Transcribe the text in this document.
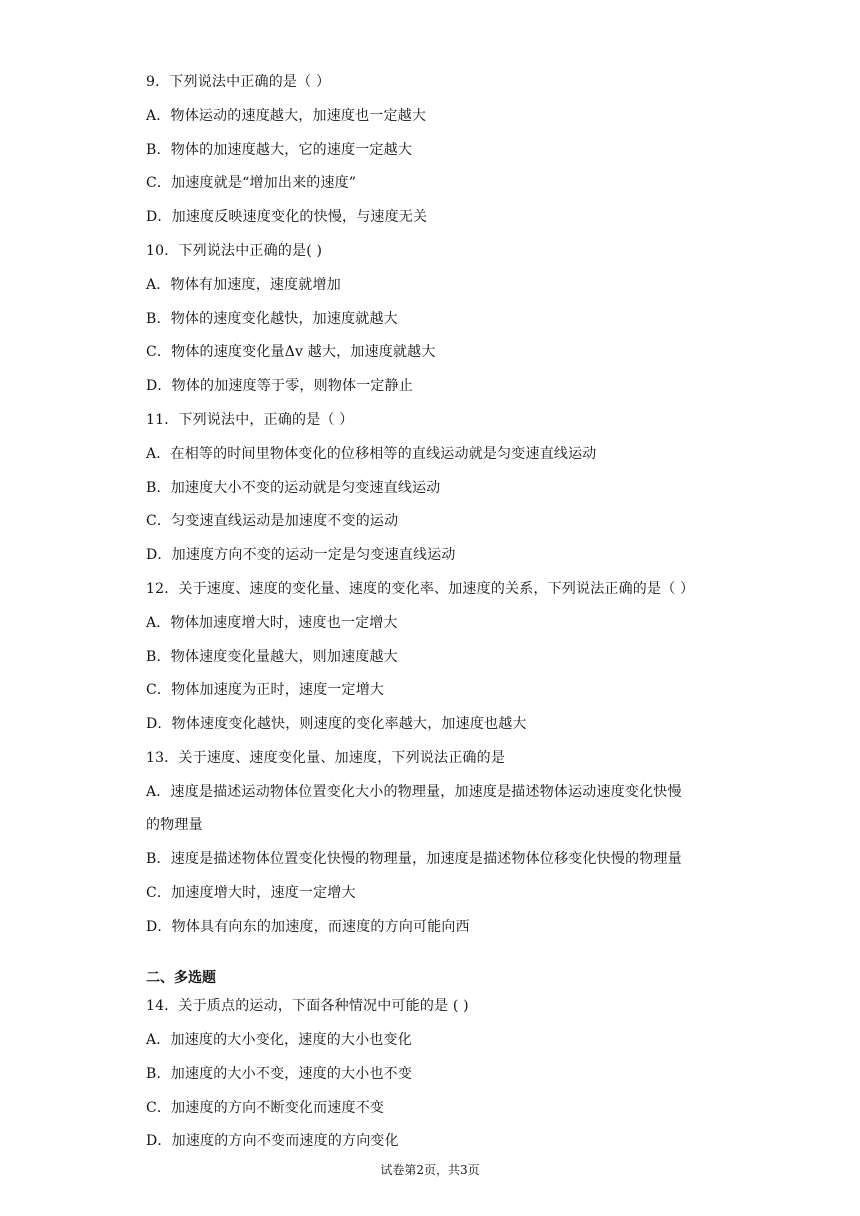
9．下列说法中正确的是（ ）
A．物体运动的速度越大，加速度也一定越大
B．物体的加速度越大，它的速度一定越大
C．加速度就是“增加出来的速度”
D．加速度反映速度变化的快慢，与速度无关
10．下列说法中正确的是( )
A．物体有加速度，速度就增加
B．物体的速度变化越快，加速度就越大
C．物体的速度变化量Δv 越大，加速度就越大
D．物体的加速度等于零，则物体一定静止
11．下列说法中，正确的是（ ）
A．在相等的时间里物体变化的位移相等的直线运动就是匀变速直线运动
B．加速度大小不变的运动就是匀变速直线运动
C．匀变速直线运动是加速度不变的运动
D．加速度方向不变的运动一定是匀变速直线运动
12．关于速度、速度的变化量、速度的变化率、加速度的关系，下列说法正确的是（ ）
A．物体加速度增大时，速度也一定增大
B．物体速度变化量越大，则加速度越大
C．物体加速度为正时，速度一定增大
D．物体速度变化越快，则速度的变化率越大，加速度也越大
13．关于速度、速度变化量、加速度，下列说法正确的是
A．速度是描述运动物体位置变化大小的物理量，加速度是描述物体运动速度变化快慢
的物理量
B．速度是描述物体位置变化快慢的物理量，加速度是描述物体位移变化快慢的物理量
C．加速度增大时，速度一定增大
D．物体具有向东的加速度，而速度的方向可能向西
二、多选题
14．关于质点的运动，下面各种情况中可能的是 ( )
A．加速度的大小变化，速度的大小也变化
B．加速度的大小不变，速度的大小也不变
C．加速度的方向不断变化而速度不变
D．加速度的方向不变而速度的方向变化
试卷第2页，共3页
